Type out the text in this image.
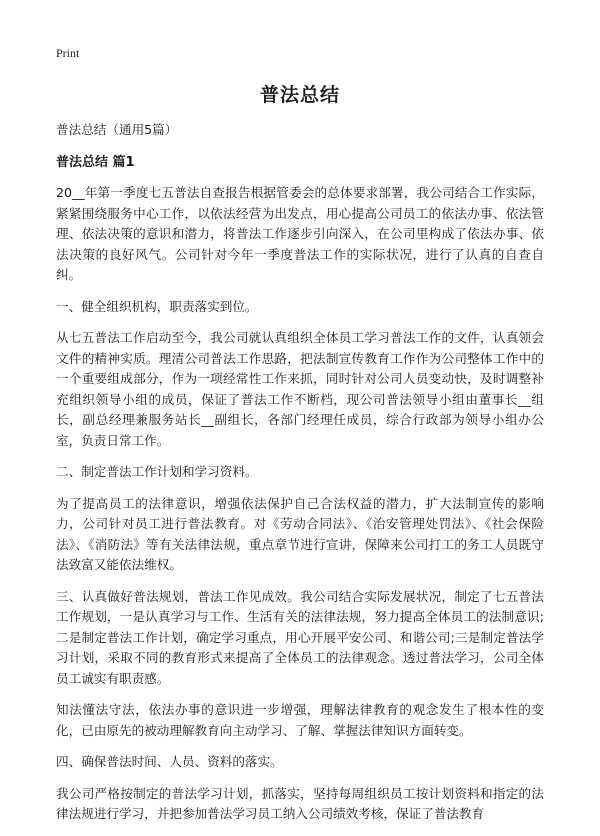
Print
普法总结

普法总结（通用5篇）

普法总结 篇1

20__年第一季度七五普法自查报告根据管委会的总体要求部署，我公司结合工作实际，紧紧围绕服务中心工作，以依法经营为出发点，用心提高公司员工的依法办事、依法管理、依法决策的意识和潜力，将普法工作逐步引向深入，在公司里构成了依法办事、依法决策的良好风气。公司针对今年一季度普法工作的实际状况，进行了认真的自查自纠。

一、健全组织机构，职责落实到位。

从七五普法工作启动至今，我公司就认真组织全体员工学习普法工作的文件，认真领会文件的精神实质。理清公司普法工作思路，把法制宣传教育工作作为公司整体工作中的一个重要组成部分，作为一项经常性工作来抓，同时针对公司人员变动快，及时调整补充组织领导小组的成员，保证了普法工作不断档，现公司普法领导小组由董事长__组长，副总经理兼服务站长__副组长，各部门经理任成员，综合行政部为领导小组办公室，负责日常工作。

二、制定普法工作计划和学习资料。

为了提高员工的法律意识，增强依法保护自己合法权益的潜力，扩大法制宣传的影响力，公司针对员工进行普法教育。对《劳动合同法》、《治安管理处罚法》、《社会保险法》、《消防法》等有关法律法规，重点章节进行宣讲，保障来公司打工的务工人员既守法致富又能依法维权。

三、认真做好普法规划，普法工作见成效。我公司结合实际发展状况，制定了七五普法工作规划，一是认真学习与工作、生活有关的法律法规，努力提高全体员工的法制意识;二是制定普法工作计划，确定学习重点，用心开展平安公司、和谐公司;三是制定普法学习计划，采取不同的教育形式来提高了全体员工的法律观念。透过普法学习，公司全体员工诚实有职责感。

知法懂法守法，依法办事的意识进一步增强，理解法律教育的观念发生了根本性的变化，已由原先的被动理解教育向主动学习、了解、掌握法律知识方面转变。

四、确保普法时间、人员、资料的落实。

我公司严格按制定的普法学习计划，抓落实，坚持每周组织员工按计划资料和指定的法律法规进行学习，并把参加普法学习员工纳入公司绩效考核，保证了普法教育
